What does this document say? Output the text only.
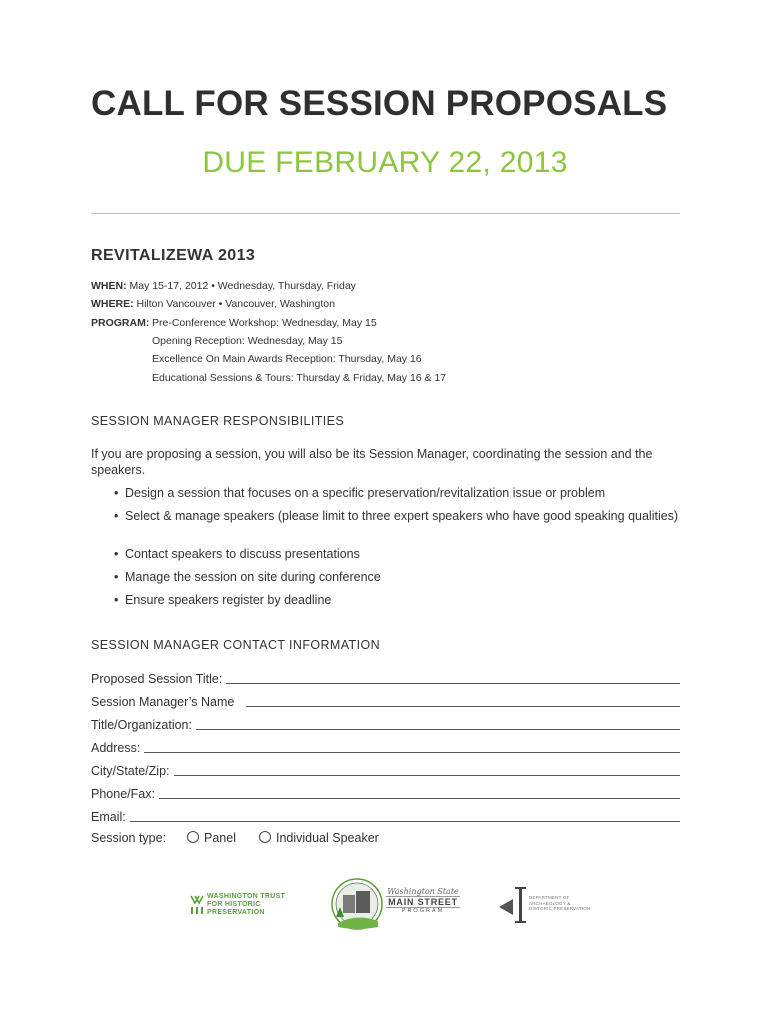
CALL FOR SESSION PROPOSALS
DUE FEBRUARY 22, 2013
REVITALIZEWA 2013
WHEN: May 15-17, 2012 • Wednesday, Thursday, Friday
WHERE: Hilton Vancouver • Vancouver, Washington
PROGRAM: Pre-Conference Workshop: Wednesday, May 15
Opening Reception: Wednesday, May 15
Excellence On Main Awards Reception: Thursday, May 16
Educational Sessions & Tours: Thursday & Friday, May 16 & 17
SESSION MANAGER RESPONSIBILITIES
If you are proposing a session, you will also be its Session Manager, coordinating the session and the speakers.
• Design a session that focuses on a specific preservation/revitalization issue or problem
• Select & manage speakers (please limit to three expert speakers who have good speaking qualities)
• Contact speakers to discuss presentations
• Manage the session on site during conference
• Ensure speakers register by deadline
SESSION MANAGER CONTACT INFORMATION
Proposed Session Title:
Session Manager’s Name
Title/Organization:
Address:
City/State/Zip:
Phone/Fax:
Email:
Session type:	Panel	Individual Speaker
WASHINGTON TRUST
FOR HISTORIC
PRESERVATION
Washington State
MAIN STREET
PROGRAM
DEPARTMENT OF
ARCHAEOLOGY &
HISTORIC PRESERVATION
